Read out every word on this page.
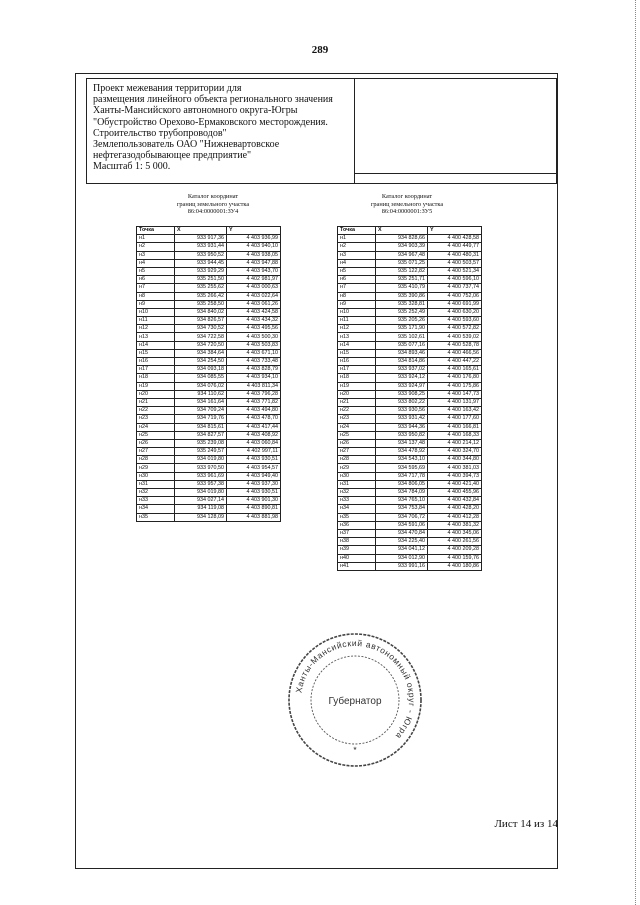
289
Проект межевания территории для
размещения линейного объекта регионального значения
Ханты-Мансийского автономного округа-Югры
"Обустройство Орехово-Ермаковского месторождения.
Строительство трубопроводов"
Землепользователь ОАО "Нижневартовское
нефтегазодобывающее предприятие"
Масштаб 1: 5 000.
Каталог координат
границ земельного участка
86:04:0000001:ЗУ4
Каталог координат
границ земельного участка
86:04:0000001:ЗУ5
Точка	X	Y
н1	933 917,36	4 403 936,99
н2	933 931,44	4 403 940,10
н3	933 950,52	4 403 938,05
н4	933 944,45	4 403 947,88
н5	933 929,29	4 403 943,70
н6	935 251,50	4 402 981,97
н7	935 255,62	4 403 000,63
н8	935 266,42	4 403 022,64
н9	935 258,50	4 403 061,26
н10	934 840,02	4 403 424,58
н11	934 826,57	4 403 434,32
н12	934 730,52	4 403 495,56
н13	934 722,58	4 403 500,30
н14	934 720,50	4 403 503,83
н15	934 384,64	4 403 671,10
н16	934 254,50	4 403 733,48
н17	934 093,18	4 403 828,79
н18	934 085,55	4 403 934,10
н19	934 076,02	4 403 811,34
н20	934 110,62	4 403 796,28
н21	934 161,64	4 403 771,82
н22	934 709,24	4 403 494,80
н23	934 719,76	4 403 478,70
н24	934 815,61	4 403 417,44
н25	934 827,57	4 403 408,92
н26	935 239,08	4 403 060,84
н27	935 249,57	4 402 997,11
н28	934 019,80	4 403 930,51
н29	933 970,50	4 403 954,57
н30	933 961,69	4 403 949,40
н31	933 957,38	4 403 937,30
н32	934 019,80	4 403 930,51
н33	934 027,14	4 403 901,30
н34	934 119,08	4 403 890,81
н35	934 128,09	4 403 881,98
Точка	X	Y
н1	934 828,66	4 400 428,58
н2	934 903,39	4 400 449,77
н3	934 967,48	4 400 480,31
н4	935 071,25	4 400 503,57
н5	935 122,82	4 400 521,34
н6	935 251,71	4 400 596,10
н7	935 410,79	4 400 737,74
н8	935 390,86	4 400 752,06
н9	935 328,81	4 400 691,99
н10	935 252,49	4 400 630,20
н11	935 205,26	4 400 593,60
н12	935 171,90	4 400 572,82
н13	935 102,61	4 400 539,02
н14	935 077,16	4 400 528,78
н15	934 893,46	4 400 466,56
н16	934 814,86	4 400 447,22
н17	933 937,02	4 400 165,61
н18	933 924,12	4 400 176,80
н19	933 924,97	4 400 175,86
н20	933 908,25	4 400 147,73
н21	933 802,22	4 400 131,97
н22	933 930,56	4 400 163,42
н23	933 931,42	4 400 177,60
н24	933 944,36	4 400 166,81
н25	933 950,82	4 400 168,33
н26	934 137,48	4 400 214,12
н27	934 478,92	4 400 324,70
н28	934 543,10	4 400 344,80
н29	934 595,69	4 400 381,03
н30	934 717,78	4 400 394,73
н31	934 806,05	4 400 421,40
н32	934 784,09	4 400 455,96
н33	934 765,10	4 400 432,84
н34	934 753,84	4 400 428,20
н35	934 706,72	4 400 412,28
н36	934 591,06	4 400 381,32
н37	934 470,84	4 400 345,06
н38	934 225,40	4 400 261,56
н39	934 041,12	4 400 209,28
н40	934 012,90	4 400 159,76
н41	933 991,16	4 400 180,86
Ханты-Мансийский автономный округ - Югра
Губернатор
★
Лист 14 из 14
